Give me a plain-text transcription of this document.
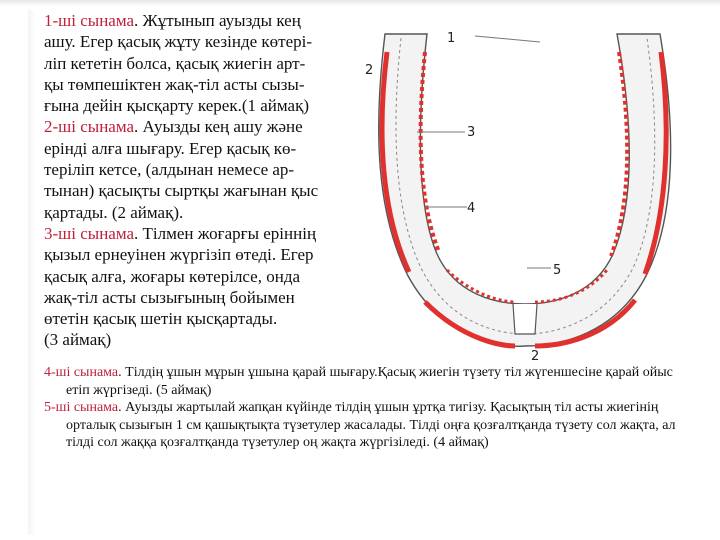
1-ші сынама. Жұтынып ауызды кең

ашу. Егер қасық жұту кезінде көтері-

ліп кететін болса, қасық жиегін арт-

қы төмпешіктен жақ-тіл асты сызы-

ғына дейін қысқарту керек.(1 аймақ)

2-ші сынама. Ауызды кең ашу және

ерінді алға шығару. Егер қасық кө-

теріліп кетсе, (алдынан немесе ар-

тынан) қасықты сыртқы жағынан қыс

қартады. (2 аймақ).

3-ші сынама. Тілмен жоғарғы еріннің

қызыл ернеуінен жүргізіп өтеді. Егер

қасық алға, жоғары көтерілсе, онда

жақ-тіл асты сызығының бойымен

өтетін қасық шетін қысқартады.

(3 аймақ)

1
2
3
4
5
2

4-ші сынама. Тілдің ұшын мұрын ұшына қарай шығару.Қасық жиегін түзету тіл жүгеншесіне қарай ойыс етіп жүргізеді. (5 аймақ)

5-ші сынама. Ауызды жартылай жапқан күйінде тілдің ұшын ұртқа тигізу. Қасықтың тіл асты жиегінің орталық сызығын 1 см қашықтықта түзетулер жасалады. Тілді оңға қозғалтқанда түзету сол жақта, ал тілді сол жаққа қозғалтқанда түзетулер оң жақта жүргізіледі. (4 аймақ)
